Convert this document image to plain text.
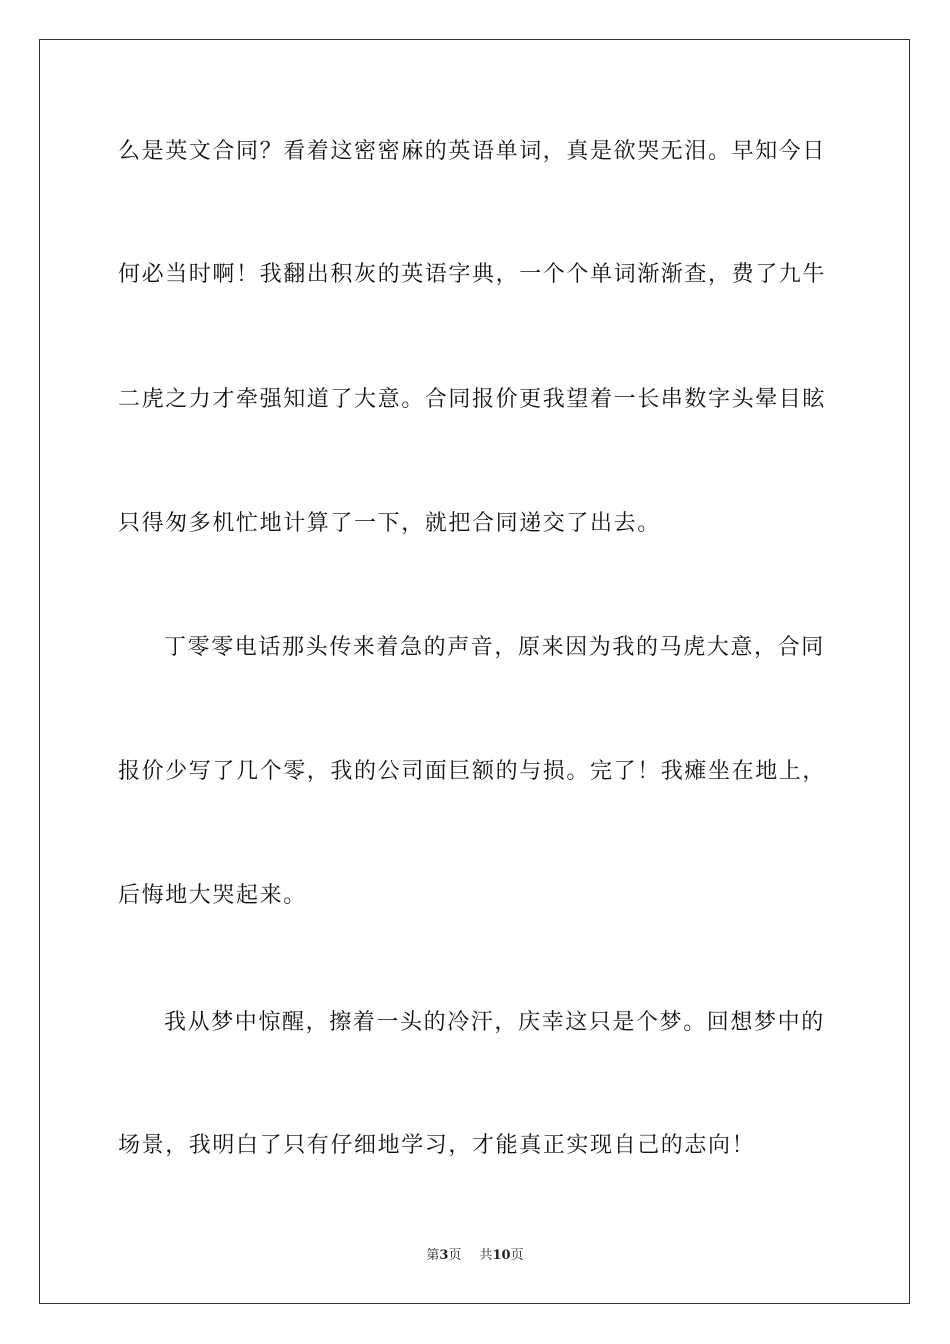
么是英文合同？看着这密密麻的英语单词，真是欲哭无泪。早知今日
何必当时啊！我翻出积灰的英语字典，一个个单词渐渐查，费了九牛
二虎之力才牵强知道了大意。合同报价更我望着一长串数字头晕目眩
只得匆多机忙地计算了一下，就把合同递交了出去。
丁零零电话那头传来着急的声音，原来因为我的马虎大意，合同
报价少写了几个零，我的公司面巨额的与损。完了！我瘫坐在地上，
后悔地大哭起来。
我从梦中惊醒，擦着一头的冷汗，庆幸这只是个梦。回想梦中的
场景，我明白了只有仔细地学习，才能真正实现自己的志向！
第3页 共10页
